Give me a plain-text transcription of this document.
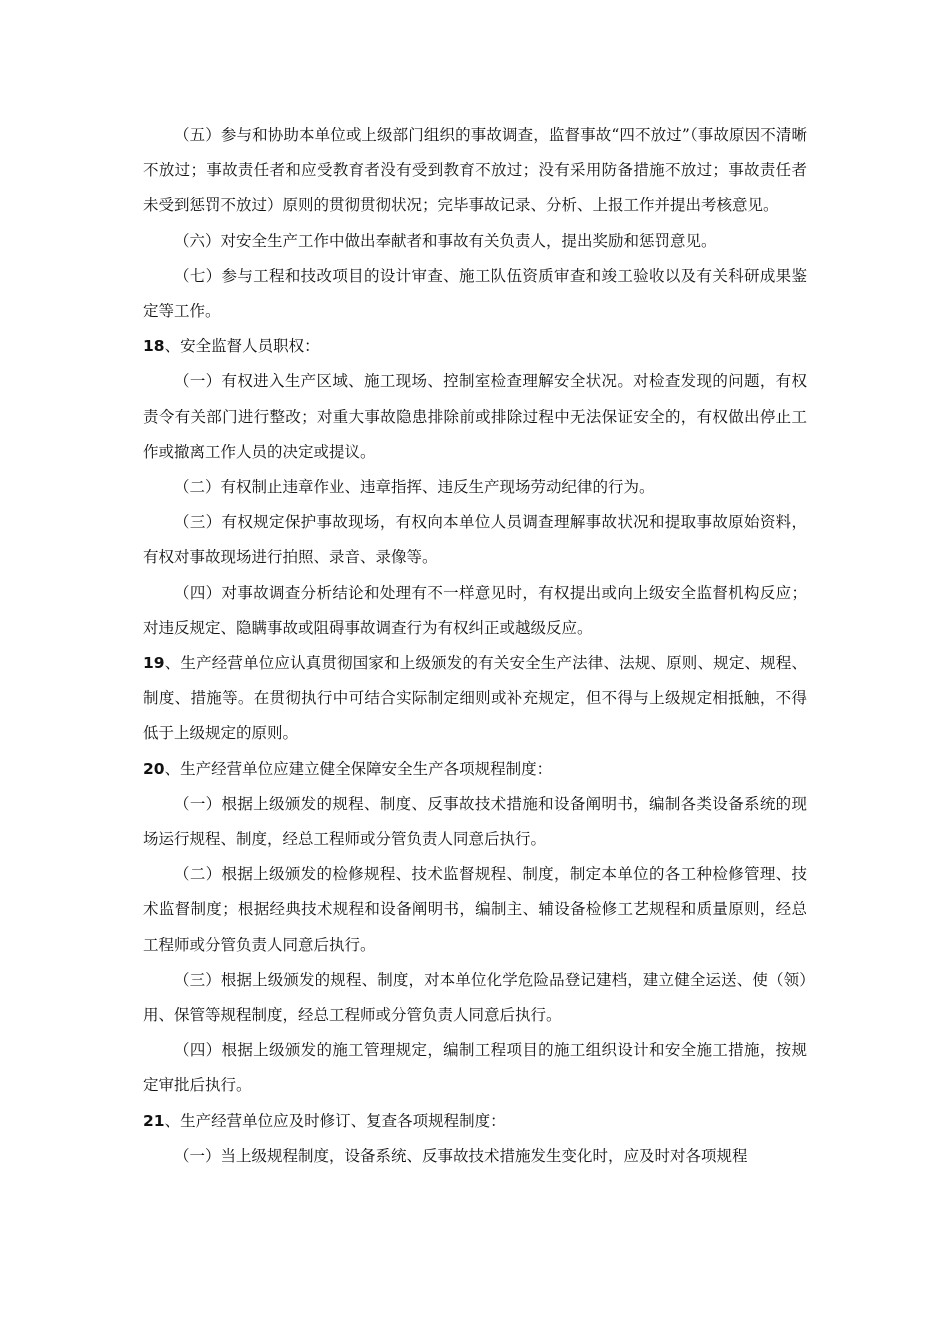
（五）参与和协助本单位或上级部门组织的事故调查，监督事故“四不放过”（事故原因不清晰不放过；事故责任者和应受教育者没有受到教育不放过；没有采用防备措施不放过；事故责任者未受到惩罚不放过）原则的贯彻贯彻状况；完毕事故记录、分析、上报工作并提出考核意见。

（六）对安全生产工作中做出奉献者和事故有关负责人，提出奖励和惩罚意见。

（七）参与工程和技改项目的设计审查、施工队伍资质审查和竣工验收以及有关科研成果鉴定等工作。

18、安全监督人员职权：

（一）有权进入生产区域、施工现场、控制室检查理解安全状况。对检查发现的问题，有权责令有关部门进行整改；对重大事故隐患排除前或排除过程中无法保证安全的，有权做出停止工作或撤离工作人员的决定或提议。

（二）有权制止违章作业、违章指挥、违反生产现场劳动纪律的行为。

（三）有权规定保护事故现场，有权向本单位人员调查理解事故状况和提取事故原始资料，有权对事故现场进行拍照、录音、录像等。

（四）对事故调查分析结论和处理有不一样意见时，有权提出或向上级安全监督机构反应；对违反规定、隐瞒事故或阻碍事故调查行为有权纠正或越级反应。

19、生产经营单位应认真贯彻国家和上级颁发的有关安全生产法律、法规、原则、规定、规程、制度、措施等。在贯彻执行中可结合实际制定细则或补充规定，但不得与上级规定相抵触，不得低于上级规定的原则。

20、生产经营单位应建立健全保障安全生产各项规程制度：

（一）根据上级颁发的规程、制度、反事故技术措施和设备阐明书，编制各类设备系统的现场运行规程、制度，经总工程师或分管负责人同意后执行。

（二）根据上级颁发的检修规程、技术监督规程、制度，制定本单位的各工种检修管理、技术监督制度；根据经典技术规程和设备阐明书，编制主、辅设备检修工艺规程和质量原则，经总工程师或分管负责人同意后执行。

（三）根据上级颁发的规程、制度，对本单位化学危险品登记建档，建立健全运送、使（领）用、保管等规程制度，经总工程师或分管负责人同意后执行。

（四）根据上级颁发的施工管理规定，编制工程项目的施工组织设计和安全施工措施，按规定审批后执行。

21、生产经营单位应及时修订、复查各项规程制度：

（一）当上级规程制度，设备系统、反事故技术措施发生变化时，应及时对各项规程
